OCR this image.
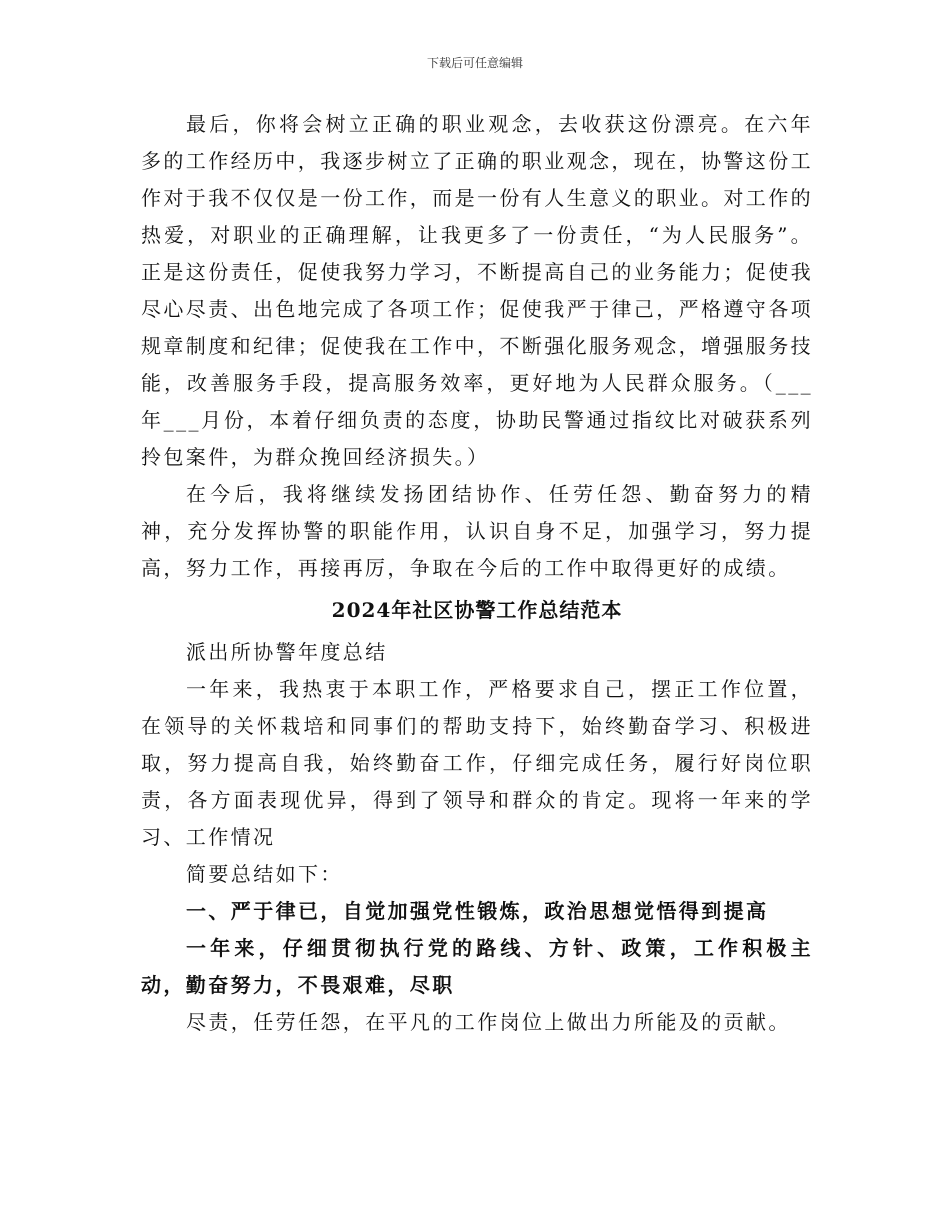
下载后可任意编辑

最后，你将会树立正确的职业观念，去收获这份漂亮。在六年多的工作经历中，我逐步树立了正确的职业观念，现在，协警这份工作对于我不仅仅是一份工作，而是一份有人生意义的职业。对工作的热爱，对职业的正确理解，让我更多了一份责任，“为人民服务”。正是这份责任，促使我努力学习，不断提高自己的业务能力；促使我尽心尽责、出色地完成了各项工作；促使我严于律己，严格遵守各项规章制度和纪律；促使我在工作中，不断强化服务观念，增强服务技能，改善服务手段，提高服务效率，更好地为人民群众服务。（___年___月份，本着仔细负责的态度，协助民警通过指纹比对破获系列拎包案件，为群众挽回经济损失。）

在今后，我将继续发扬团结协作、任劳任怨、勤奋努力的精神，充分发挥协警的职能作用，认识自身不足，加强学习，努力提高，努力工作，再接再厉，争取在今后的工作中取得更好的成绩。

2024年社区协警工作总结范本

派出所协警年度总结

一年来，我热衷于本职工作，严格要求自己，摆正工作位置，在领导的关怀栽培和同事们的帮助支持下，始终勤奋学习、积极进取，努力提高自我，始终勤奋工作，仔细完成任务，履行好岗位职责，各方面表现优异，得到了领导和群众的肯定。现将一年来的学习、工作情况

简要总结如下：

一、严于律已，自觉加强党性锻炼，政治思想觉悟得到提高

一年来，仔细贯彻执行党的路线、方针、政策，工作积极主动，勤奋努力，不畏艰难，尽职

尽责，任劳任怨，在平凡的工作岗位上做出力所能及的贡献。
